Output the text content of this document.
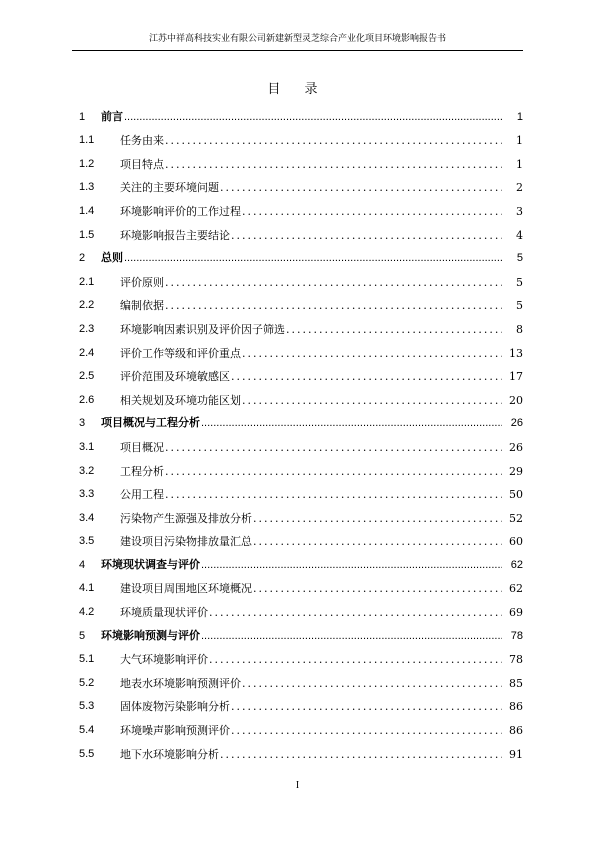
江苏中祥高科技实业有限公司新建新型灵芝综合产业化项目环境影响报告书
目 录
1	前言 .....	1
1.1	任务由来 .....	1
1.2	项目特点 .....	1
1.3	关注的主要环境问题 .....	2
1.4	环境影响评价的工作过程 .....	3
1.5	环境影响报告主要结论 .....	4
2	总则 .....	5
2.1	评价原则 .....	5
2.2	编制依据 .....	5
2.3	环境影响因素识别及评价因子筛选 .....	8
2.4	评价工作等级和评价重点 .....	13
2.5	评价范围及环境敏感区 .....	17
2.6	相关规划及环境功能区划 .....	20
3	项目概况与工程分析 .....	26
3.1	项目概况 .....	26
3.2	工程分析 .....	29
3.3	公用工程 .....	50
3.4	污染物产生源强及排放分析 .....	52
3.5	建设项目污染物排放量汇总 .....	60
4	环境现状调查与评价 .....	62
4.1	建设项目周围地区环境概况 .....	62
4.2	环境质量现状评价 .....	69
5	环境影响预测与评价 .....	78
5.1	大气环境影响评价 .....	78
5.2	地表水环境影响预测评价 .....	85
5.3	固体废物污染影响分析 .....	86
5.4	环境噪声影响预测评价 .....	86
5.5	地下水环境影响分析 .....	91
I
